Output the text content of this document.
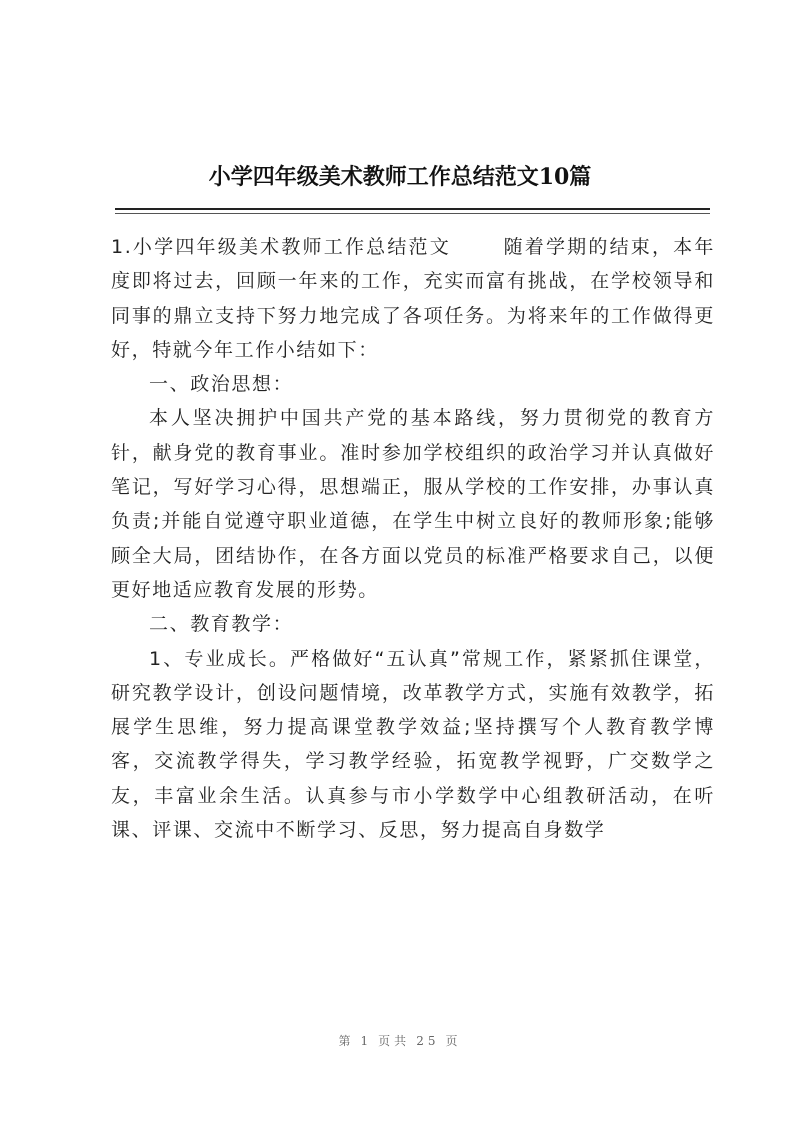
小学四年级美术教师工作总结范文10篇

1.小学四年级美术教师工作总结范文	随着学期的结束，本年度即将过去，回顾一年来的工作，充实而富有挑战，在学校领导和同事的鼎立支持下努力地完成了各项任务。为将来年的工作做得更好，特就今年工作小结如下：

一、政治思想：

本人坚决拥护中国共产党的基本路线，努力贯彻党的教育方针，献身党的教育事业。准时参加学校组织的政治学习并认真做好笔记，写好学习心得，思想端正，服从学校的工作安排，办事认真负责;并能自觉遵守职业道德，在学生中树立良好的教师形象;能够顾全大局，团结协作，在各方面以党员的标准严格要求自己，以便更好地适应教育发展的形势。

二、教育教学：

1、专业成长。严格做好“五认真”常规工作，紧紧抓住课堂，研究教学设计，创设问题情境，改革教学方式，实施有效教学，拓展学生思维，努力提高课堂教学效益;坚持撰写个人教育教学博客，交流教学得失，学习教学经验，拓宽教学视野，广交数学之友，丰富业余生活。认真参与市小学数学中心组教研活动，在听课、评课、交流中不断学习、反思，努力提高自身数学

第 1 页共 25 页
